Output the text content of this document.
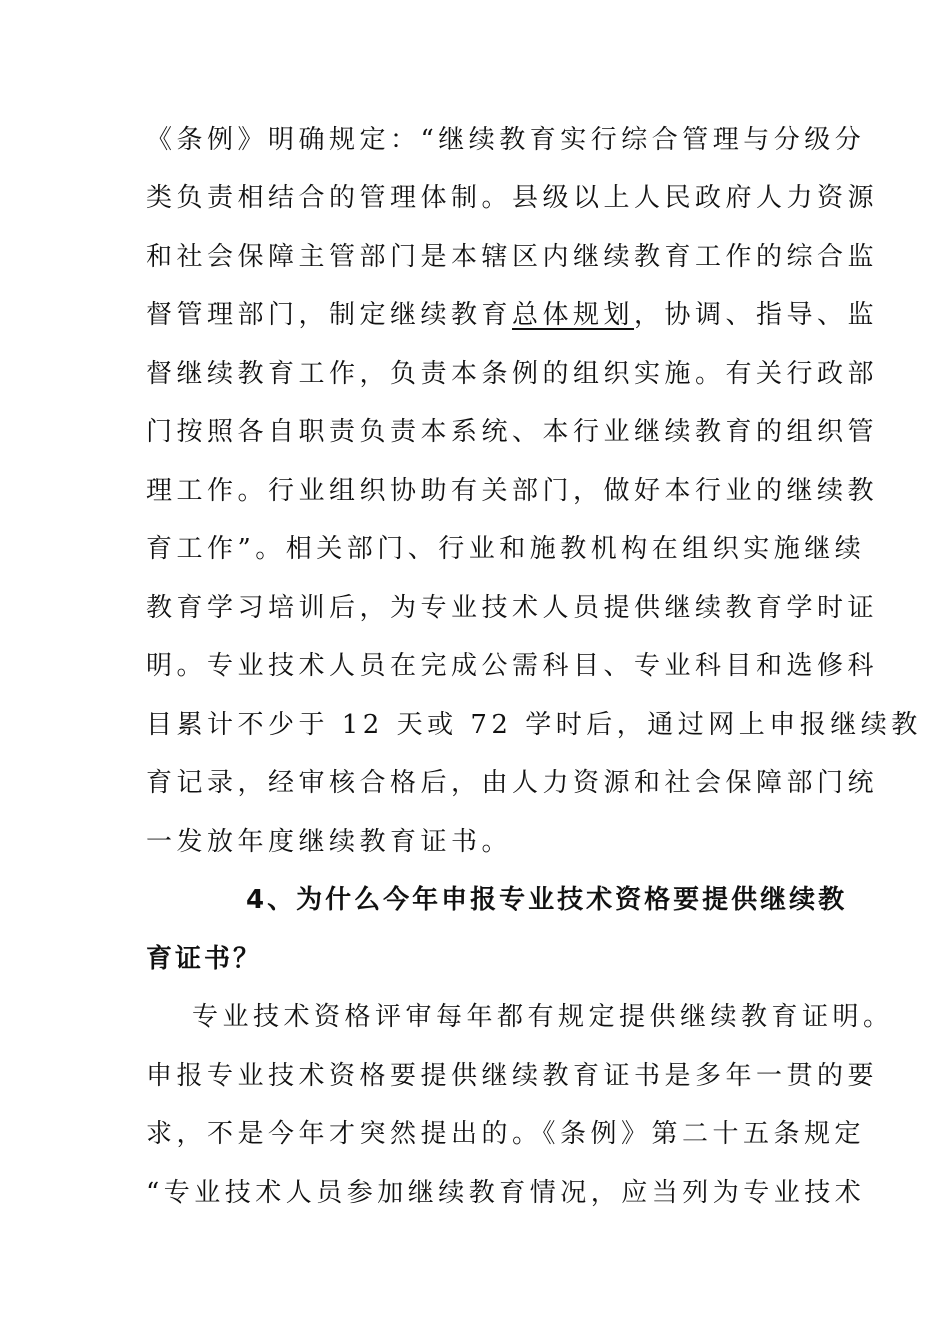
《条例》明确规定：“继续教育实行综合管理与分级分
类负责相结合的管理体制。县级以上人民政府人力资源
和社会保障主管部门是本辖区内继续教育工作的综合监
督管理部门，制定继续教育总体规划，协调、指导、监
督继续教育工作，负责本条例的组织实施。有关行政部
门按照各自职责负责本系统、本行业继续教育的组织管
理工作。行业组织协助有关部门，做好本行业的继续教
育工作”。相关部门、行业和施教机构在组织实施继续
教育学习培训后，为专业技术人员提供继续教育学时证
明。专业技术人员在完成公需科目、专业科目和选修科
目累计不少于 12 天或 72 学时后，通过网上申报继续教
育记录，经审核合格后，由人力资源和社会保障部门统
一发放年度继续教育证书。
4、为什么今年申报专业技术资格要提供继续教
育证书？
专业技术资格评审每年都有规定提供继续教育证明。
申报专业技术资格要提供继续教育证书是多年一贯的要
求，不是今年才突然提出的。《条例》第二十五条规定
“专业技术人员参加继续教育情况，应当列为专业技术
